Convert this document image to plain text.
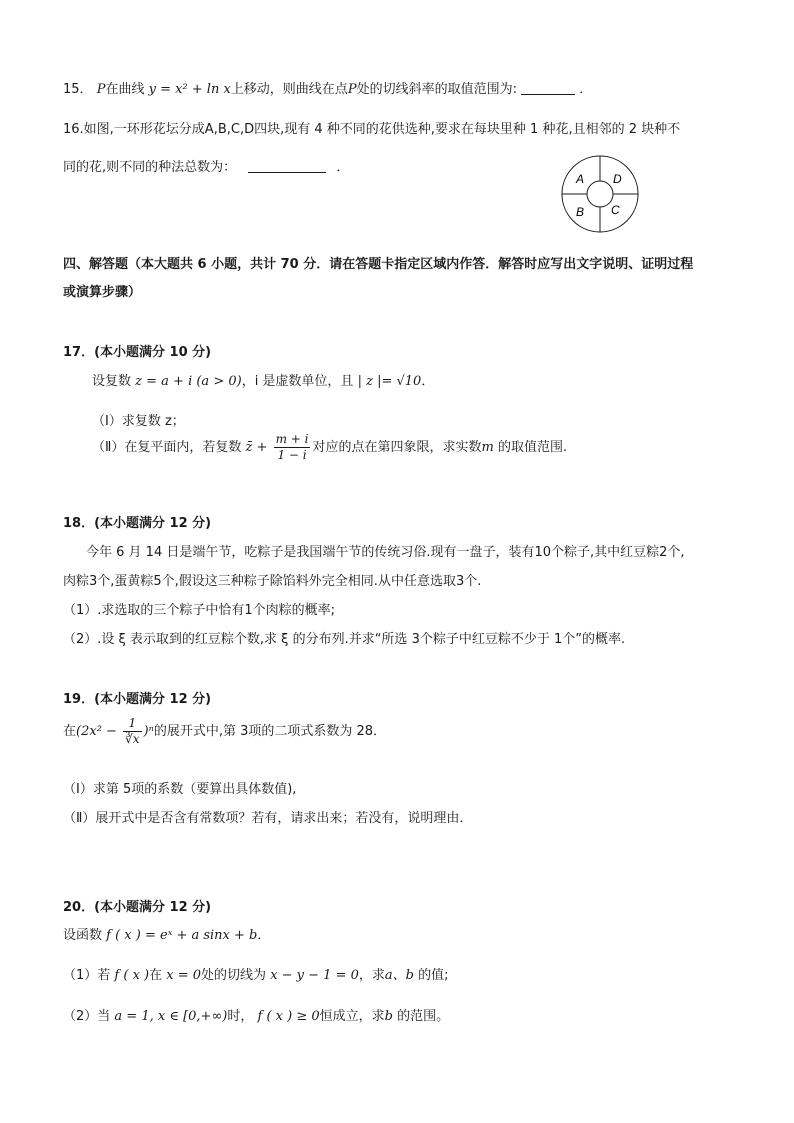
15． P在曲线 y = x² + ln x上移动，则曲线在点P处的切线斜率的取值范围为:	．
16.如图,一环形花坛分成A,B,C,D四块,现有 4 种不同的花供选种,要求在每块里种 1 种花,且相邻的 2 块种不
同的花,则不同的种法总数为：	．
A D
B C
四、解答题（本大题共 6 小题，共计 70 分．请在答题卡指定区域内作答．解答时应写出文字说明、证明过程
或演算步骤）
17．(本小题满分 10 分)
设复数 z = a + i (a > 0)，i 是虚数单位，且 | z |= √10．
（Ⅰ）求复数 z；
（Ⅱ）在复平面内，若复数 z̄ + $\frac{m + i}{1 - i}$ 对应的点在第四象限，求实数m 的取值范围.
18．(本小题满分 12 分)
今年 6 月 14 日是端午节，吃粽子是我国端午节的传统习俗.现有一盘子，装有10个粽子,其中红豆粽2个,
肉粽3个,蛋黄粽5个,假设这三种粽子除馅料外完全相同.从中任意选取3个.
（1）.求选取的三个粽子中恰有1个肉粽的概率;
（2）.设 ξ 表示取到的红豆粽个数,求 ξ 的分布列.并求“所选 3个粽子中红豆粽不少于 1个”的概率.
19．(本小题满分 12 分)
在$(2x^2 - \frac{1}{∛x} )^n$的展开式中,第 3项的二项式系数为 28．
（Ⅰ）求第 5项的系数（要算出具体数值),
（Ⅱ）展开式中是否含有常数项？若有，请求出来；若没有，说明理由．
20．(本小题满分 12 分)
设函数 f ( x ) = eˣ + a sinx + b．
（1）若 f ( x )在 x = 0处的切线为 x − y − 1 = 0，求a、b 的值;
（2）当 a = 1, x ∈ [0,+∞)时， f ( x ) ≥ 0恒成立，求b 的范围。
